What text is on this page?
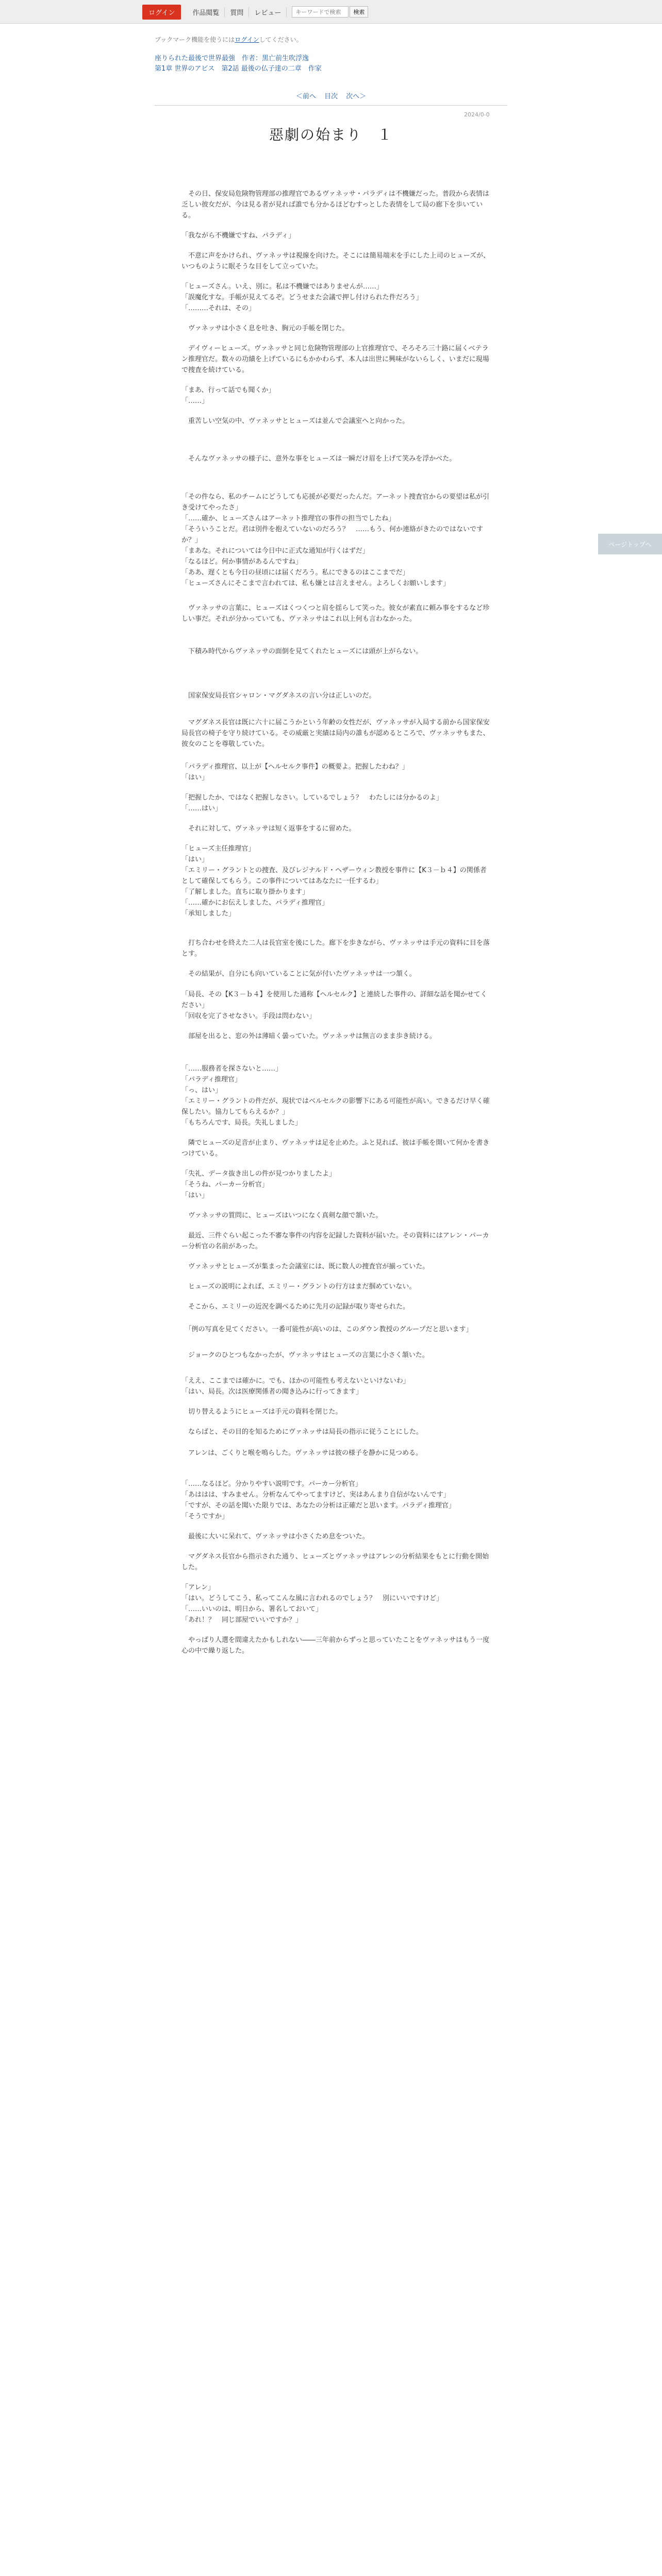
ログイン	作品閲覧	質問	レビュー
キーワードで検索	検索
ブックマーク機能を使うにはログインしてください。
座りられた最後で世界最強　作者：黒亡前生吹浮逸
第1章 世界のアビス　第2話 最後の仏子達の二章　作家
＜前へ 目次 次へ＞
2024/0-0
惡劇の始まり　１
　その日、保安局危険物管理部の推理官であるヴァネッサ・パラディは不機嫌だった。普段から表情は乏しい彼女だが、今は見る者が見れば誰でも分かるほどむすっとした表情をして局の廊下を歩いている。
「我ながら不機嫌ですね、パラディ」
　不意に声をかけられ、ヴァネッサは視線を向けた。そこには簡易端末を手にした上司のヒューズが、いつものように眠そうな目をして立っていた。
「ヒューズさん。いえ、別に。私は不機嫌ではありませんが……」
「誤魔化すな。手帳が見えてるぞ。どうせまた会議で押し付けられた件だろう」
「………それは、その」
　ヴァネッサは小さく息を吐き、胸元の手帳を閉じた。
　デイヴィーヒューズ。ヴァネッサと同じ危険物管理部の上官推理官で、そろそろ三十路に届くベテラン推理官だ。数々の功績を上げているにもかかわらず、本人は出世に興味がないらしく、いまだに現場で捜査を続けている。
「まあ、行って話でも聞くか」
「……」
　重苦しい空気の中、ヴァネッサとヒューズは並んで会議室へと向かった。
　そんなヴァネッサの様子に、意外な事をヒューズは一瞬だけ眉を上げて笑みを浮かべた。
「その件なら、私のチームにどうしても応援が必要だったんだ。アーネット捜査官からの要望は私が引き受けてやったさ」
「……確か、ヒューズさんはアーネット推理官の事件の担当でしたね」
「そういうことだ。君は別件を抱えていないのだろう？　……もう、何か連絡がきたのではないですか？」
「まあな。それについては今日中に正式な通知が行くはずだ」
「なるほど。何か事情があるんですね」
「ああ、遅くとも今日の昼頃には届くだろう。私にできるのはここまでだ」
「ヒューズさんにそこまで言われては、私も嫌とは言えません。よろしくお願いします」
　ヴァネッサの言葉に、ヒューズはくつくつと肩を揺らして笑った。彼女が素直に頼み事をするなど珍しい事だ。それが分かっていても、ヴァネッサはこれ以上何も言わなかった。
　下積み時代からヴァネッサの面倒を見てくれたヒューズには頭が上がらない。
　国家保安局長官シャロン・マグダネスの言い分は正しいのだ。
　マグダネス長官は既に六十に届こうかという年齢の女性だが、ヴァネッサが入局する前から国家保安局長官の椅子を守り続けている。その威厳と実績は局内の誰もが認めるところで、ヴァネッサもまた、彼女のことを尊敬していた。
「パラディ推理官、以上が【ヘルセルク事件】の概要よ。把握したわね？」
「はい」
「把握したか、ではなく把握しなさい。しているでしょう？　わたしには分かるのよ」
「……はい」
　それに対して、ヴァネッサは短く返事をするに留めた。
「ヒューズ主任推理官」
「はい」
「エミリー・グラントとの捜査、及びレジナルド・ヘザーウィン教授を事件に【K３－ｂ４】の関係者として確保してもらう。この事件についてはあなたに一任するわ」
「了解しました。直ちに取り掛かります」
「……確かにお伝えしました、パラディ推理官」
「承知しました」
　打ち合わせを終えた二人は長官室を後にした。廊下を歩きながら、ヴァネッサは手元の資料に目を落とす。
　その結果が、自分にも向いていることに気が付いたヴァネッサは一つ頷く。
「局長、その【K３－ｂ４】を使用した通称【ヘルセルク】と連続した事件の、詳細な話を聞かせてください」
「回収を完了させなさい。手段は問わない」
　部屋を出ると、窓の外は薄暗く曇っていた。ヴァネッサは無言のまま歩き続ける。
「……服務者を探さないと……」
「パラディ推理官」
「っ、はい」
「エミリー・グラントの件だが、現状ではベルセルクの影響下にある可能性が高い。できるだけ早く確保したい。協力してもらえるか？」
「もちろんです、局長。失礼しました」
　隣でヒューズの足音が止まり、ヴァネッサは足を止めた。ふと見れば、彼は手帳を開いて何かを書きつけている。
「失礼、データ抜き出しの件が見つかりましたよ」
「そうね、パーカー分析官」
「はい」
　ヴァネッサの質問に、ヒューズはいつになく真剣な顔で頷いた。
　最近、三件ぐらい起こった不審な事件の内容を記録した資料が届いた。その資料にはアレン・パーカー分析官の名前があった。
　ヴァネッサとヒューズが集まった会議室には、既に数人の捜査官が揃っていた。
　ヒューズの説明によれば、エミリー・グラントの行方はまだ掴めていない。
　そこから、エミリーの近況を調べるために先月の記録が取り寄せられた。
　「例の写真を見てください。一番可能性が高いのは、このダウン教授のグループだと思います」
　ジョークのひとつもなかったが、ヴァネッサはヒューズの言葉に小さく頷いた。
「ええ、ここまでは確かに。でも、ほかの可能性も考えないといけないわ」
「はい、局長。次は医療関係者の聞き込みに行ってきます」
　切り替えるようにヒューズは手元の資料を閉じた。
　ならばと、その目的を知るためにヴァネッサは局長の指示に従うことにした。
　アレンは、ごくりと喉を鳴らした。ヴァネッサは彼の様子を静かに見つめる。
「……なるほど。分かりやすい説明です。パーカー分析官」
「あははは、すみません。分析なんてやってますけど、実はあんまり自信がないんです」
「ですが、その話を聞いた限りでは、あなたの分析は正確だと思います。パラディ推理官」
「そうですか」
　最後に大いに呆れて、ヴァネッサは小さくため息をついた。
　マグダネス長官から指示された通り、ヒューズとヴァネッサはアレンの分析結果をもとに行動を開始した。
「アレン」
「はい。どうしてこう、私ってこんな風に言われるのでしょう？　別にいいですけど」
「……いいのは、明日から、署名しておいて」
「あれ！？　同じ部屋でいいですか？」
　やっぱり人選を間違えたかもしれない――三年前からずっと思っていたことをヴァネッサはもう一度心の中で繰り返した。
ページトップへ
